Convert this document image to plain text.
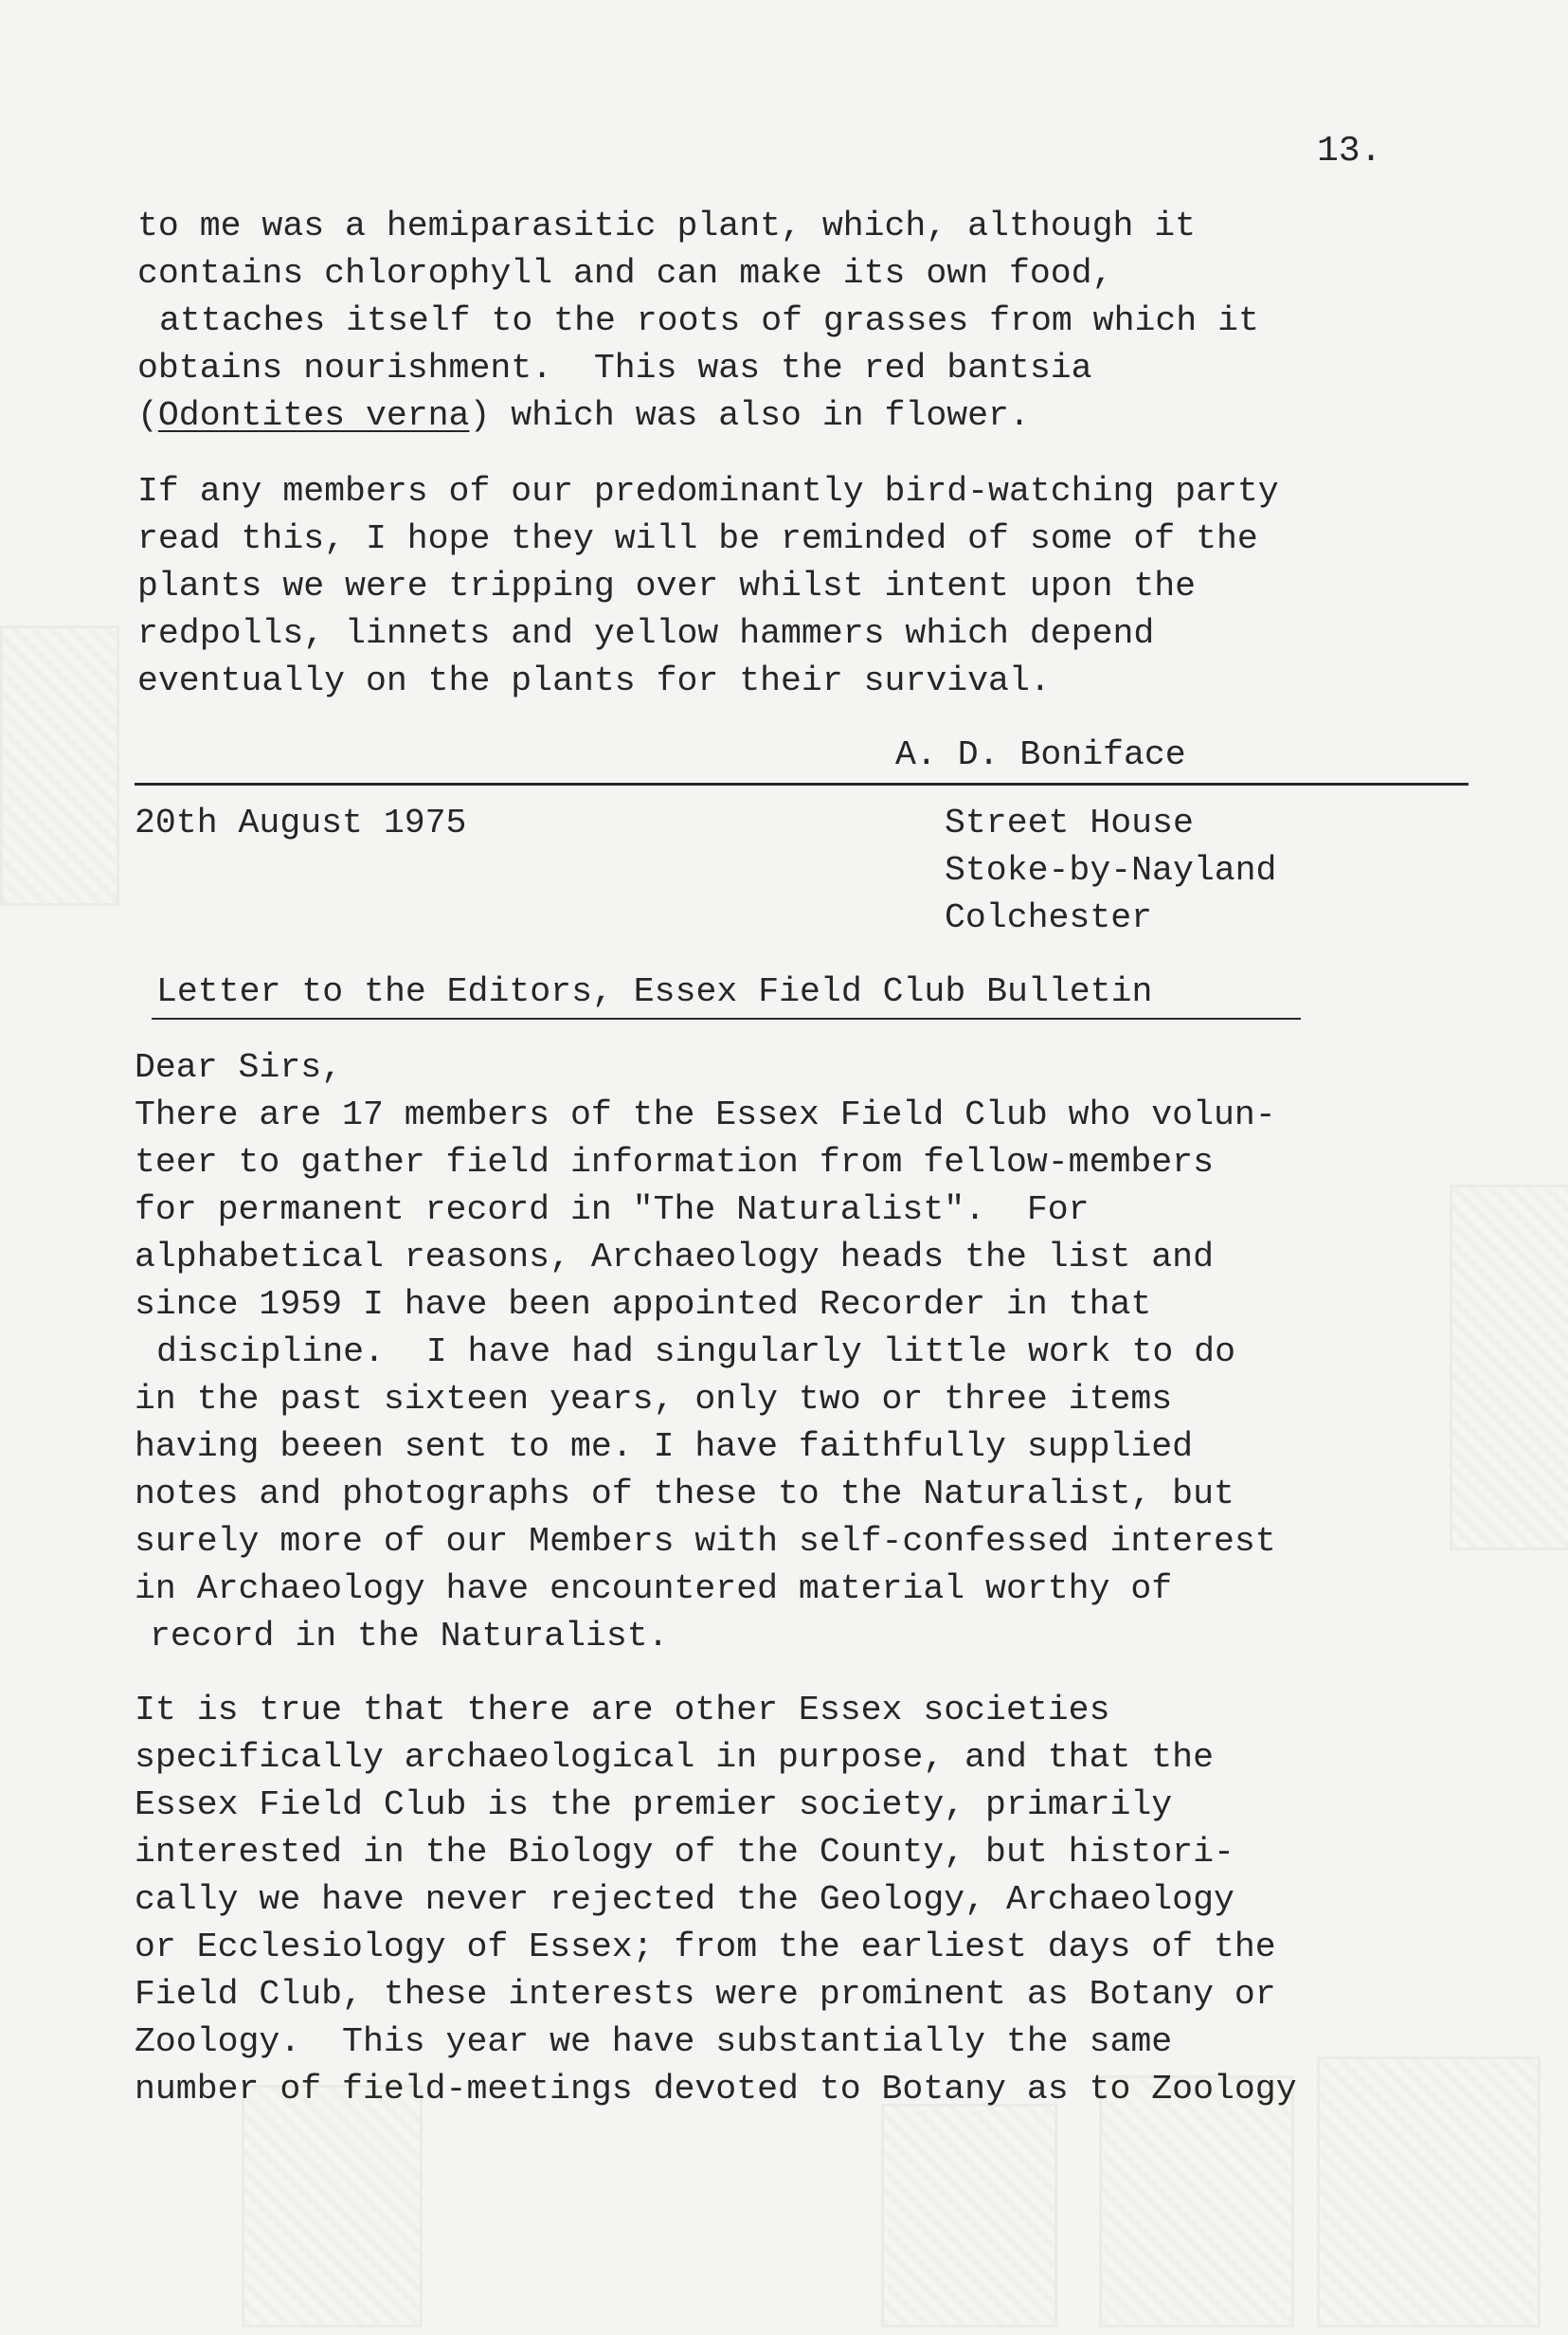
13.
to me was a hemiparasitic plant, which, although it
contains chlorophyll and can make its own food,
attaches itself to the roots of grasses from which it
obtains nourishment.  This was the red bantsia
(Odontites verna) which was also in flower.
If any members of our predominantly bird-watching party
read this, I hope they will be reminded of some of the
plants we were tripping over whilst intent upon the
redpolls, linnets and yellow hammers which depend
eventually on the plants for their survival.
A. D. Boniface
20th August 1975	Street House
Stoke-by-Nayland
Colchester
Letter to the Editors, Essex Field Club Bulletin
Dear Sirs,
There are 17 members of the Essex Field Club who volun-
teer to gather field information from fellow-members
for permanent record in "The Naturalist".  For
alphabetical reasons, Archaeology heads the list and
since 1959 I have been appointed Recorder in that
discipline.  I have had singularly little work to do
in the past sixteen years, only two or three items
having beeen sent to me. I have faithfully supplied
notes and photographs of these to the Naturalist, but
surely more of our Members with self-confessed interest
in Archaeology have encountered material worthy of
record in the Naturalist.
It is true that there are other Essex societies
specifically archaeological in purpose, and that the
Essex Field Club is the premier society, primarily
interested in the Biology of the County, but histori-
cally we have never rejected the Geology, Archaeology
or Ecclesiology of Essex; from the earliest days of the
Field Club, these interests were prominent as Botany or
Zoology.  This year we have substantially the same
number of field-meetings devoted to Botany as to Zoology
